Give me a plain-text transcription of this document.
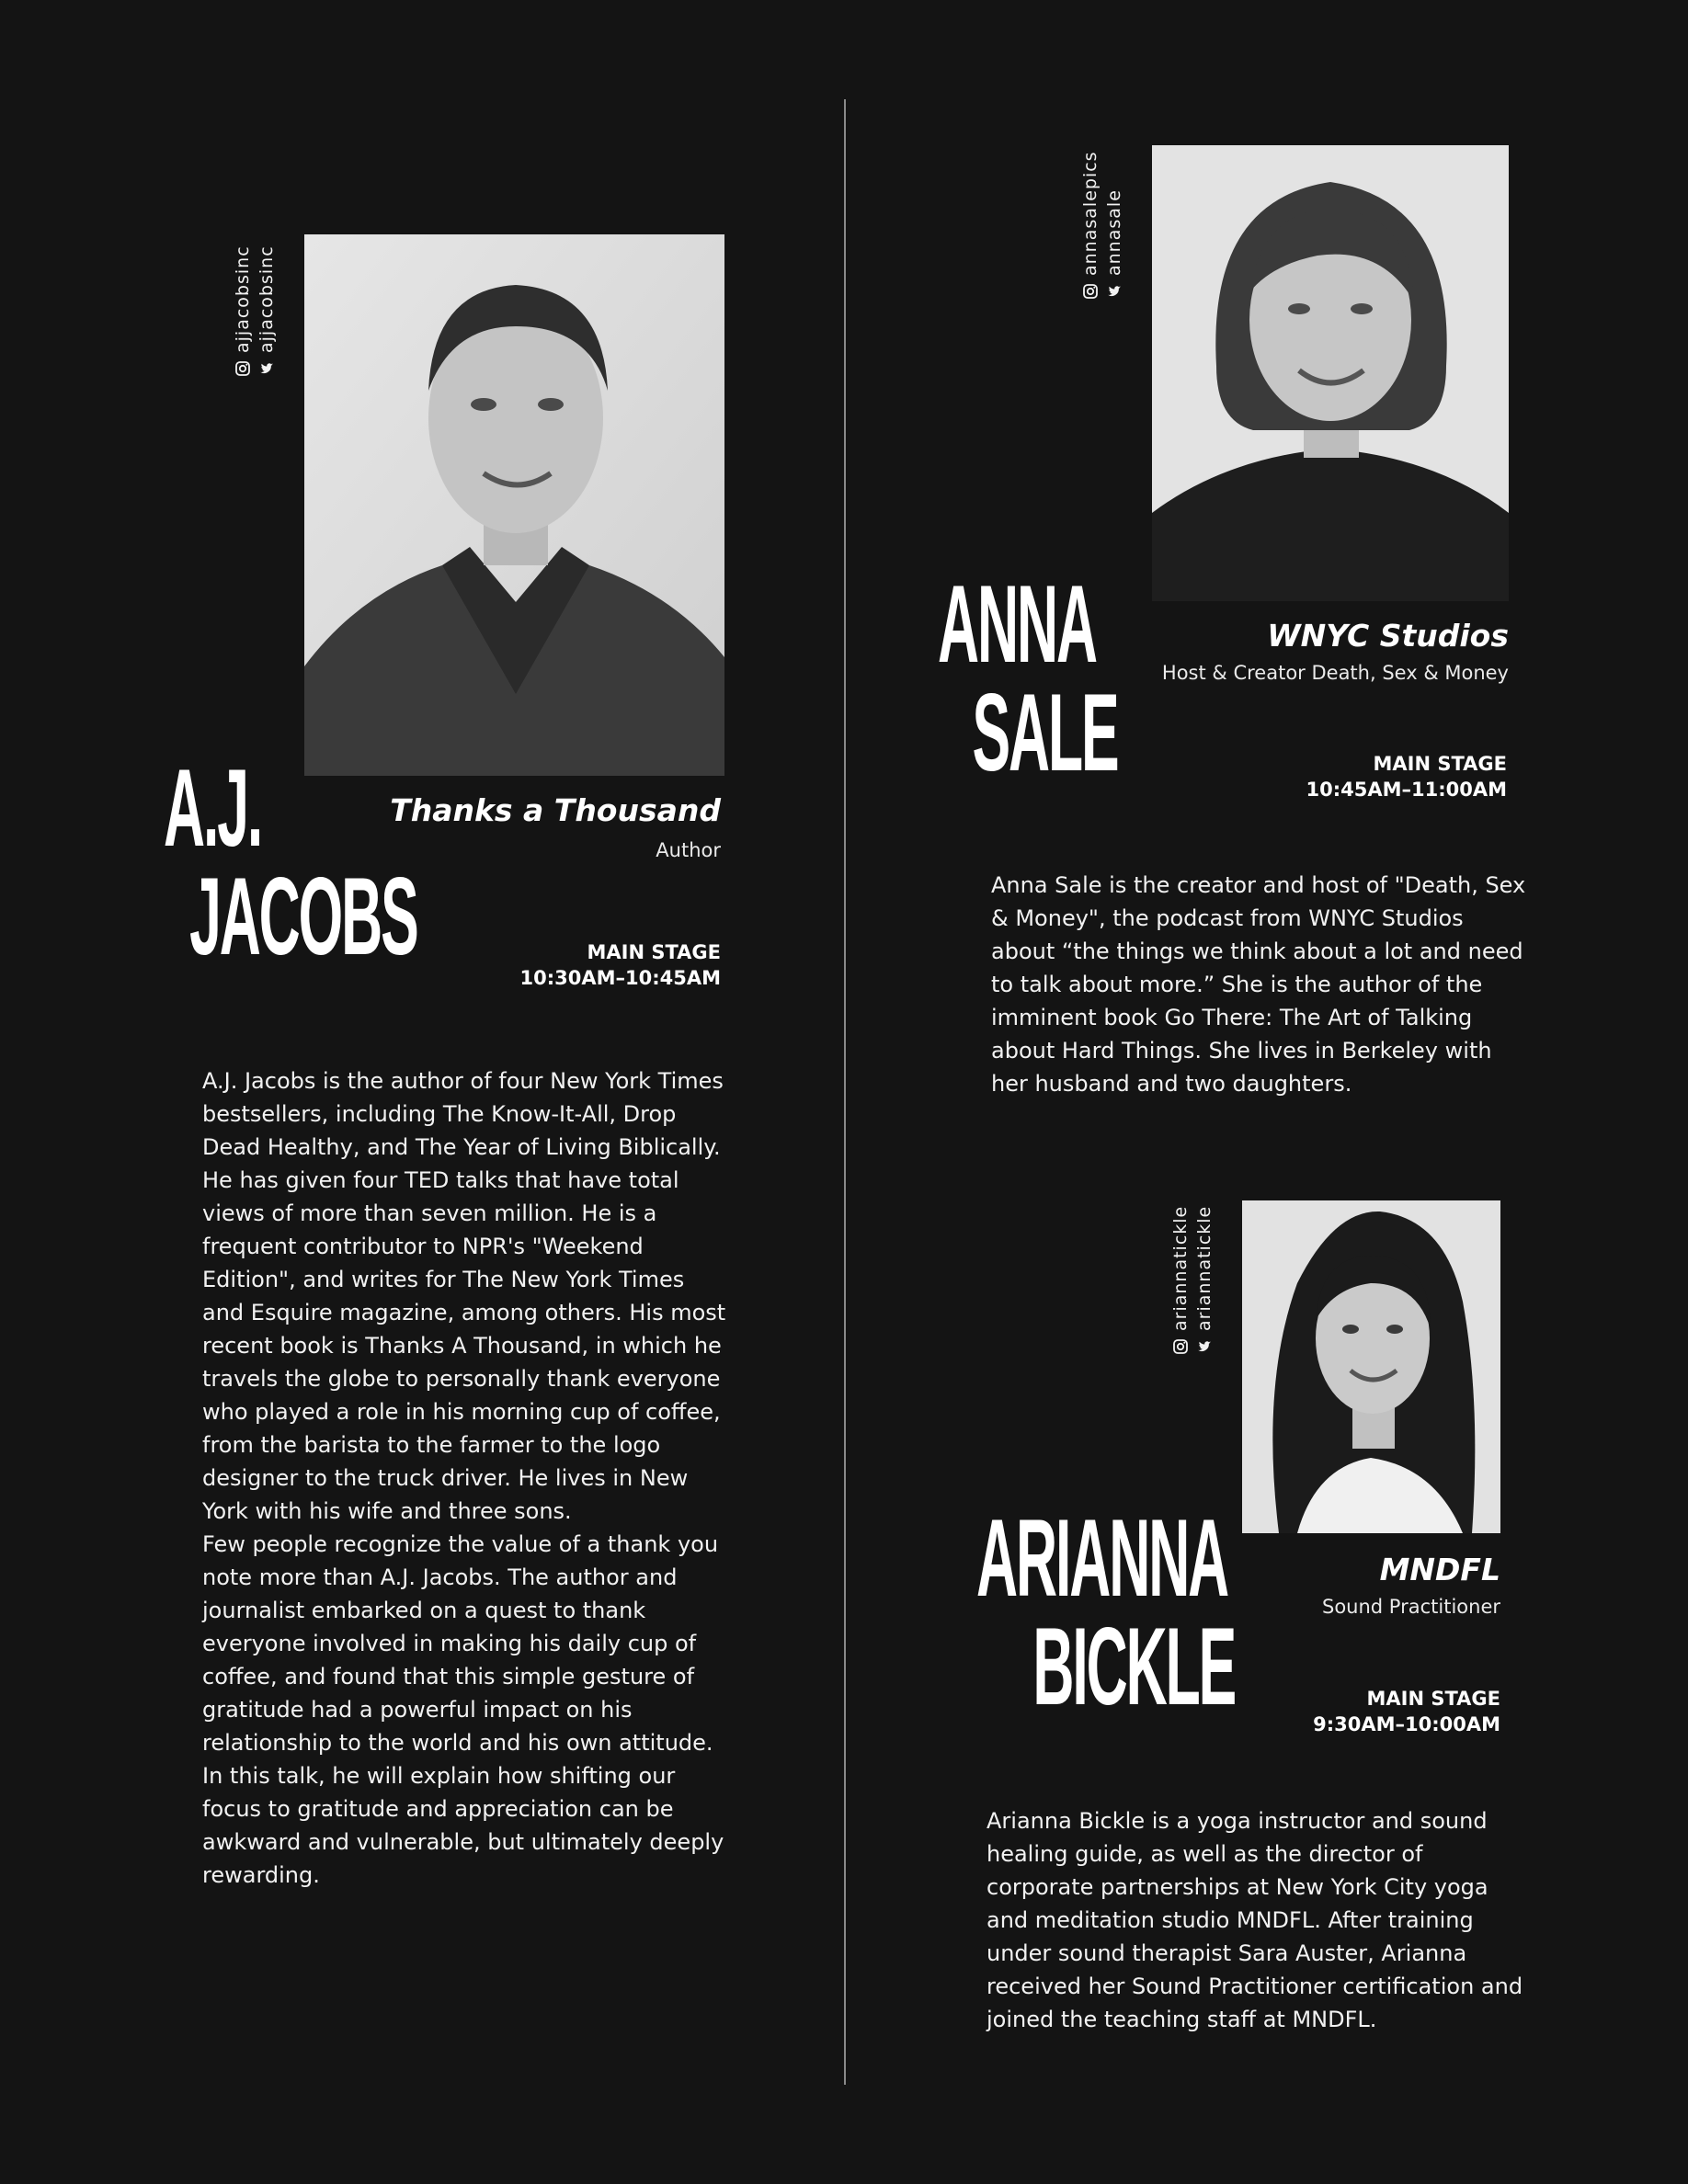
ajjacobsinc ajjacobsinc
A.J.
JACOBS
Thanks a Thousand
Author
MAIN STAGE
10:30AM–10:45AM

A.J. Jacobs is the author of four New York Times bestsellers, including The Know-It-All, Drop Dead Healthy, and The Year of Living Biblically. He has given four TED talks that have total views of more than seven million. He is a frequent contributor to NPR's "Weekend Edition", and writes for The New York Times and Esquire magazine, among others. His most recent book is Thanks A Thousand, in which he travels the globe to personally thank everyone who played a role in his morning cup of coffee, from the barista to the farmer to the logo designer to the truck driver. He lives in New York with his wife and three sons.

Few people recognize the value of a thank you note more than A.J. Jacobs. The author and journalist embarked on a quest to thank everyone involved in making his daily cup of coffee, and found that this simple gesture of gratitude had a powerful impact on his relationship to the world and his own attitude. In this talk, he will explain how shifting our focus to gratitude and appreciation can be awkward and vulnerable, but ultimately deeply rewarding.

annasalepics annasale
ANNA
SALE
WNYC Studios
Host & Creator Death, Sex & Money
MAIN STAGE
10:45AM–11:00AM

Anna Sale is the creator and host of "Death, Sex & Money", the podcast from WNYC Studios about “the things we think about a lot and need to talk about more.” She is the author of the imminent book Go There: The Art of Talking about Hard Things. She lives in Berkeley with her husband and two daughters.

ariannatickle ariannatickle
ARIANNA
BICKLE
MNDFL
Sound Practitioner
MAIN STAGE
9:30AM–10:00AM

Arianna Bickle is a yoga instructor and sound healing guide, as well as the director of corporate partnerships at New York City yoga and meditation studio MNDFL. After training under sound therapist Sara Auster, Arianna received her Sound Practitioner certification and joined the teaching staff at MNDFL.
